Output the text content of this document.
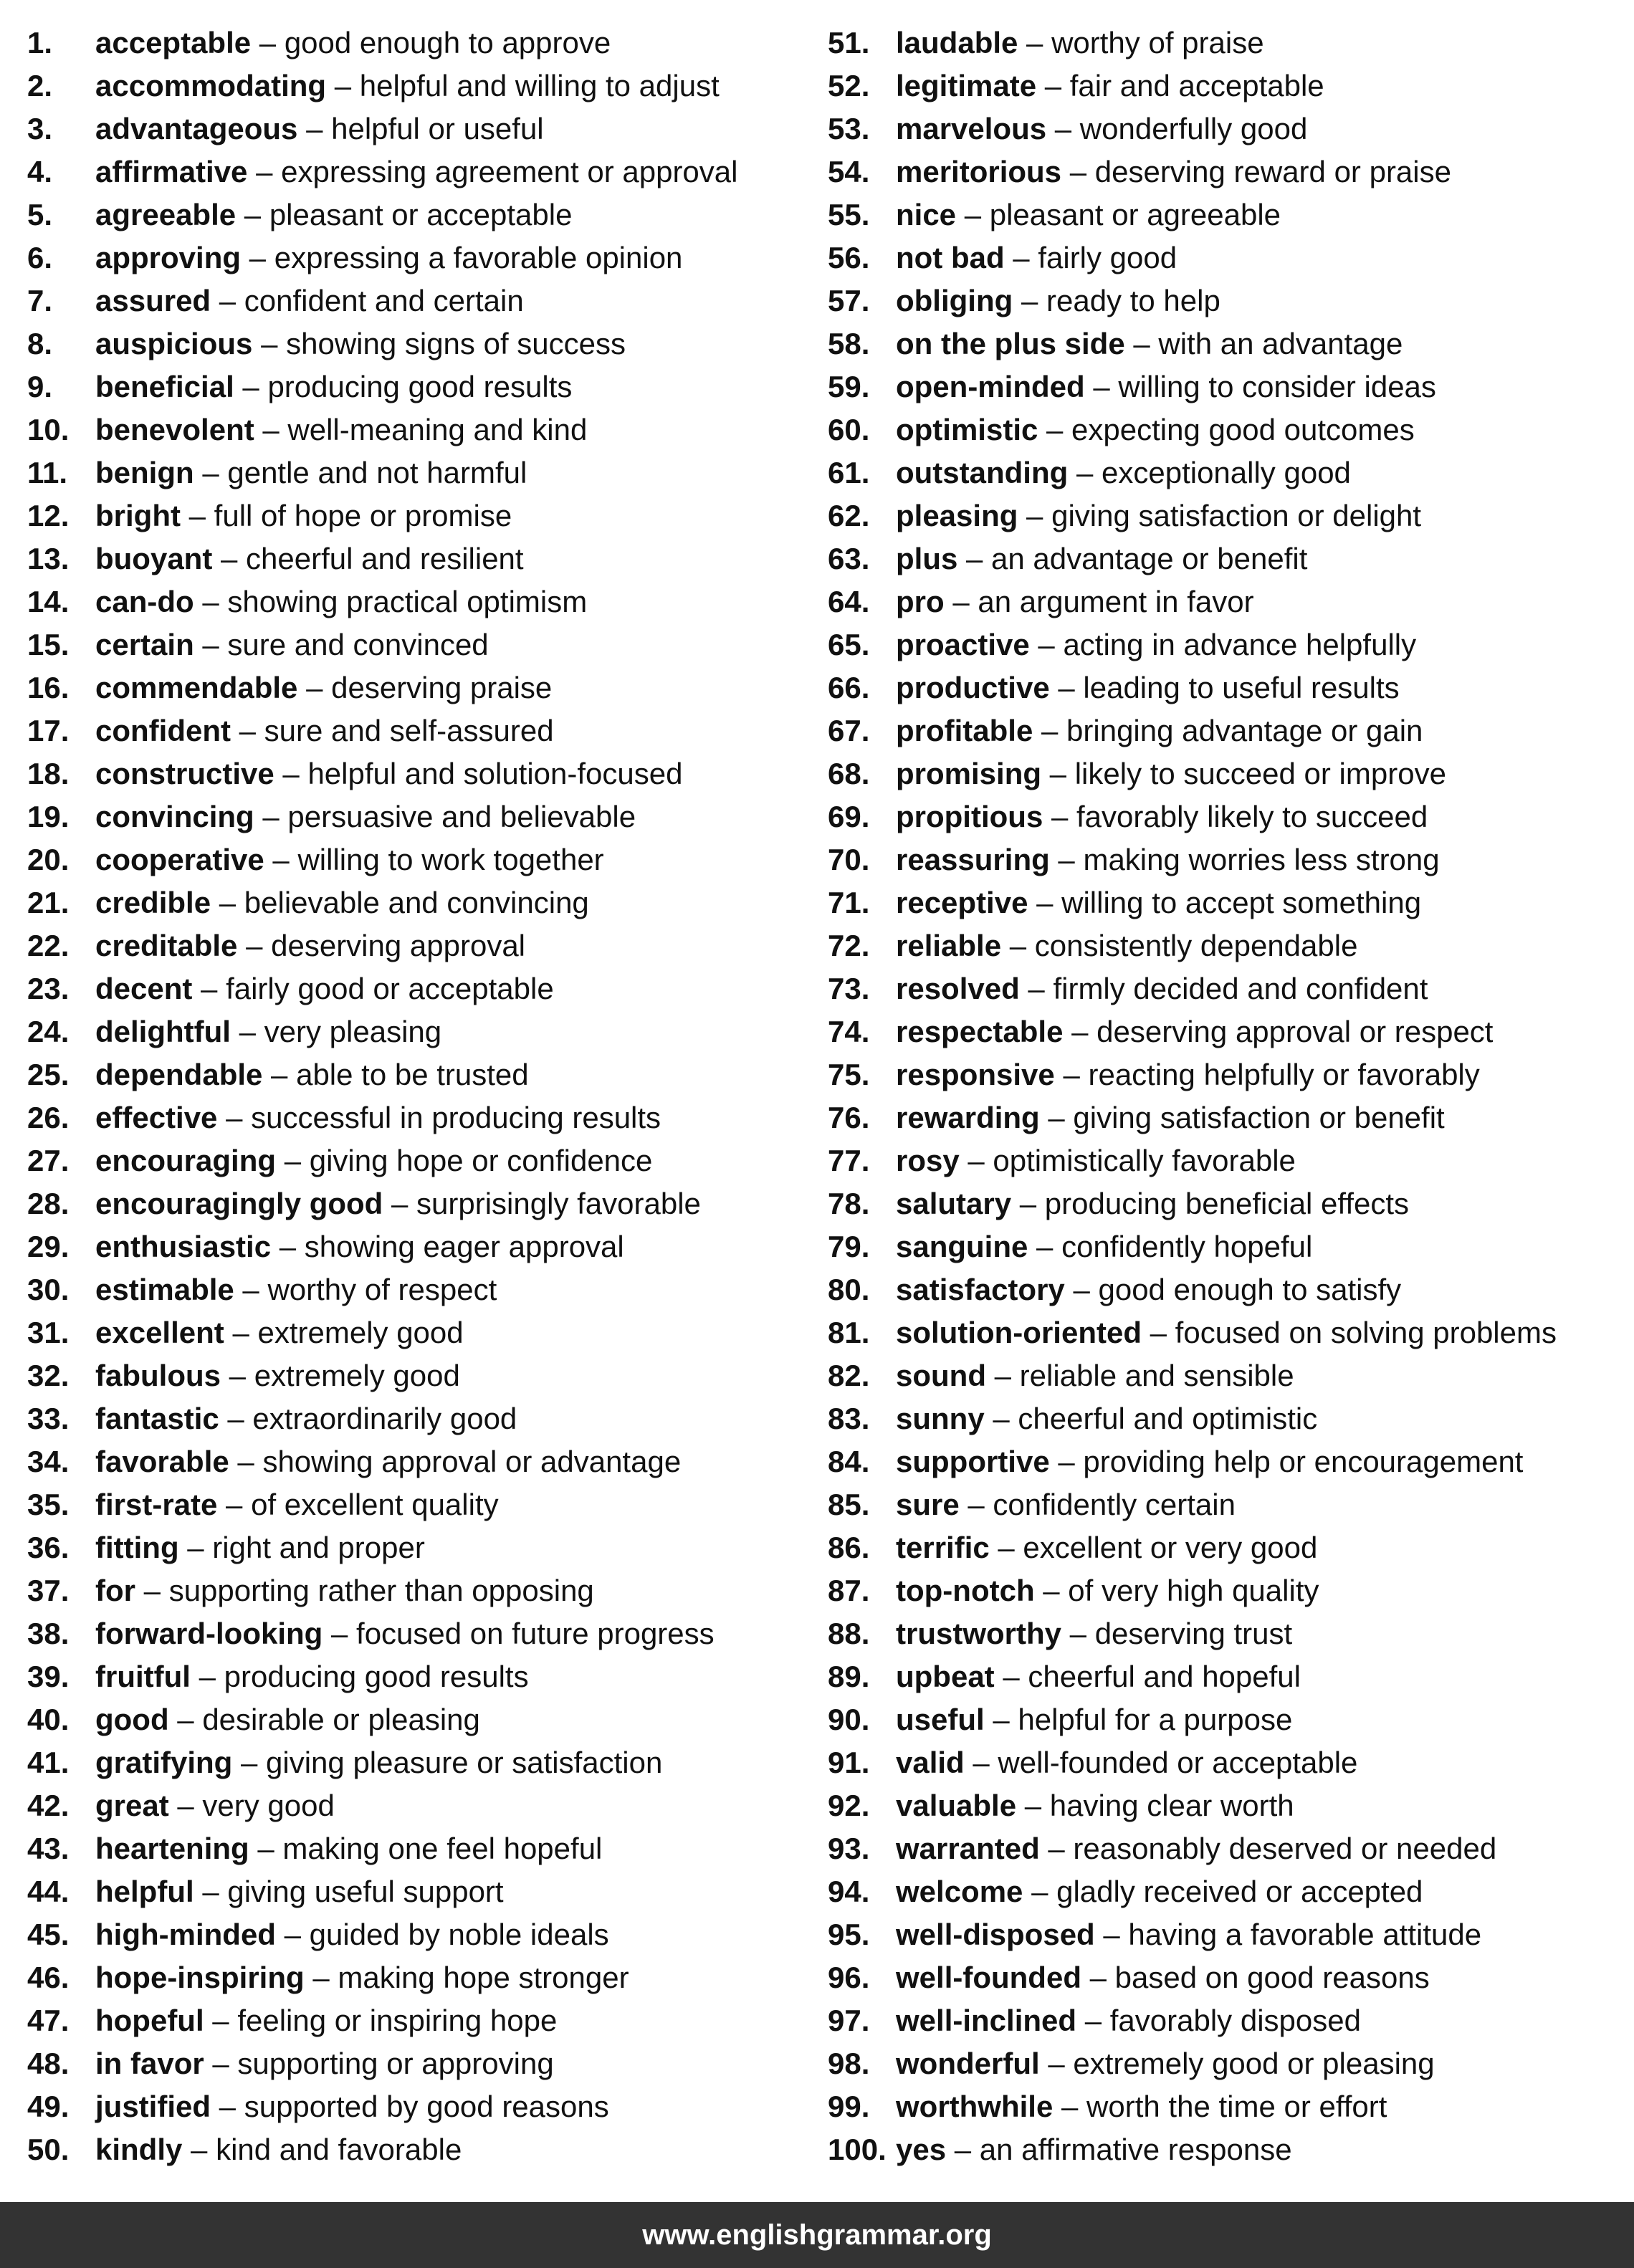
1.	acceptable – good enough to approve
2.	accommodating – helpful and willing to adjust
3.	advantageous – helpful or useful
4.	affirmative – expressing agreement or approval
5.	agreeable – pleasant or acceptable
6.	approving – expressing a favorable opinion
7.	assured – confident and certain
8.	auspicious – showing signs of success
9.	beneficial – producing good results
10. benevolent – well-meaning and kind
11. benign – gentle and not harmful
12. bright – full of hope or promise
13. buoyant – cheerful and resilient
14. can-do – showing practical optimism
15. certain – sure and convinced
16. commendable – deserving praise
17. confident – sure and self-assured
18. constructive – helpful and solution-focused
19. convincing – persuasive and believable
20. cooperative – willing to work together
21. credible – believable and convincing
22. creditable – deserving approval
23. decent – fairly good or acceptable
24. delightful – very pleasing
25. dependable – able to be trusted
26. effective – successful in producing results
27. encouraging – giving hope or confidence
28. encouragingly good – surprisingly favorable
29. enthusiastic – showing eager approval
30. estimable – worthy of respect
31. excellent – extremely good
32. fabulous – extremely good
33. fantastic – extraordinarily good
34. favorable – showing approval or advantage
35. first-rate – of excellent quality
36. fitting – right and proper
37. for – supporting rather than opposing
38. forward-looking – focused on future progress
39. fruitful – producing good results
40. good – desirable or pleasing
41. gratifying – giving pleasure or satisfaction
42. great – very good
43. heartening – making one feel hopeful
44. helpful – giving useful support
45. high-minded – guided by noble ideals
46. hope-inspiring – making hope stronger
47. hopeful – feeling or inspiring hope
48. in favor – supporting or approving
49. justified – supported by good reasons
50. kindly – kind and favorable
51. laudable – worthy of praise
52. legitimate – fair and acceptable
53. marvelous – wonderfully good
54. meritorious – deserving reward or praise
55. nice – pleasant or agreeable
56. not bad – fairly good
57. obliging – ready to help
58. on the plus side – with an advantage
59. open-minded – willing to consider ideas
60. optimistic – expecting good outcomes
61. outstanding – exceptionally good
62. pleasing – giving satisfaction or delight
63. plus – an advantage or benefit
64. pro – an argument in favor
65. proactive – acting in advance helpfully
66. productive – leading to useful results
67. profitable – bringing advantage or gain
68. promising – likely to succeed or improve
69. propitious – favorably likely to succeed
70. reassuring – making worries less strong
71. receptive – willing to accept something
72. reliable – consistently dependable
73. resolved – firmly decided and confident
74. respectable – deserving approval or respect
75. responsive – reacting helpfully or favorably
76. rewarding – giving satisfaction or benefit
77. rosy – optimistically favorable
78. salutary – producing beneficial effects
79. sanguine – confidently hopeful
80. satisfactory – good enough to satisfy
81. solution-oriented – focused on solving problems
82. sound – reliable and sensible
83. sunny – cheerful and optimistic
84. supportive – providing help or encouragement
85. sure – confidently certain
86. terrific – excellent or very good
87. top-notch – of very high quality
88. trustworthy – deserving trust
89. upbeat – cheerful and hopeful
90. useful – helpful for a purpose
91. valid – well-founded or acceptable
92. valuable – having clear worth
93. warranted – reasonably deserved or needed
94. welcome – gladly received or accepted
95. well-disposed – having a favorable attitude
96. well-founded – based on good reasons
97. well-inclined – favorably disposed
98. wonderful – extremely good or pleasing
99. worthwhile – worth the time or effort
100. yes – an affirmative response
www.englishgrammar.org
